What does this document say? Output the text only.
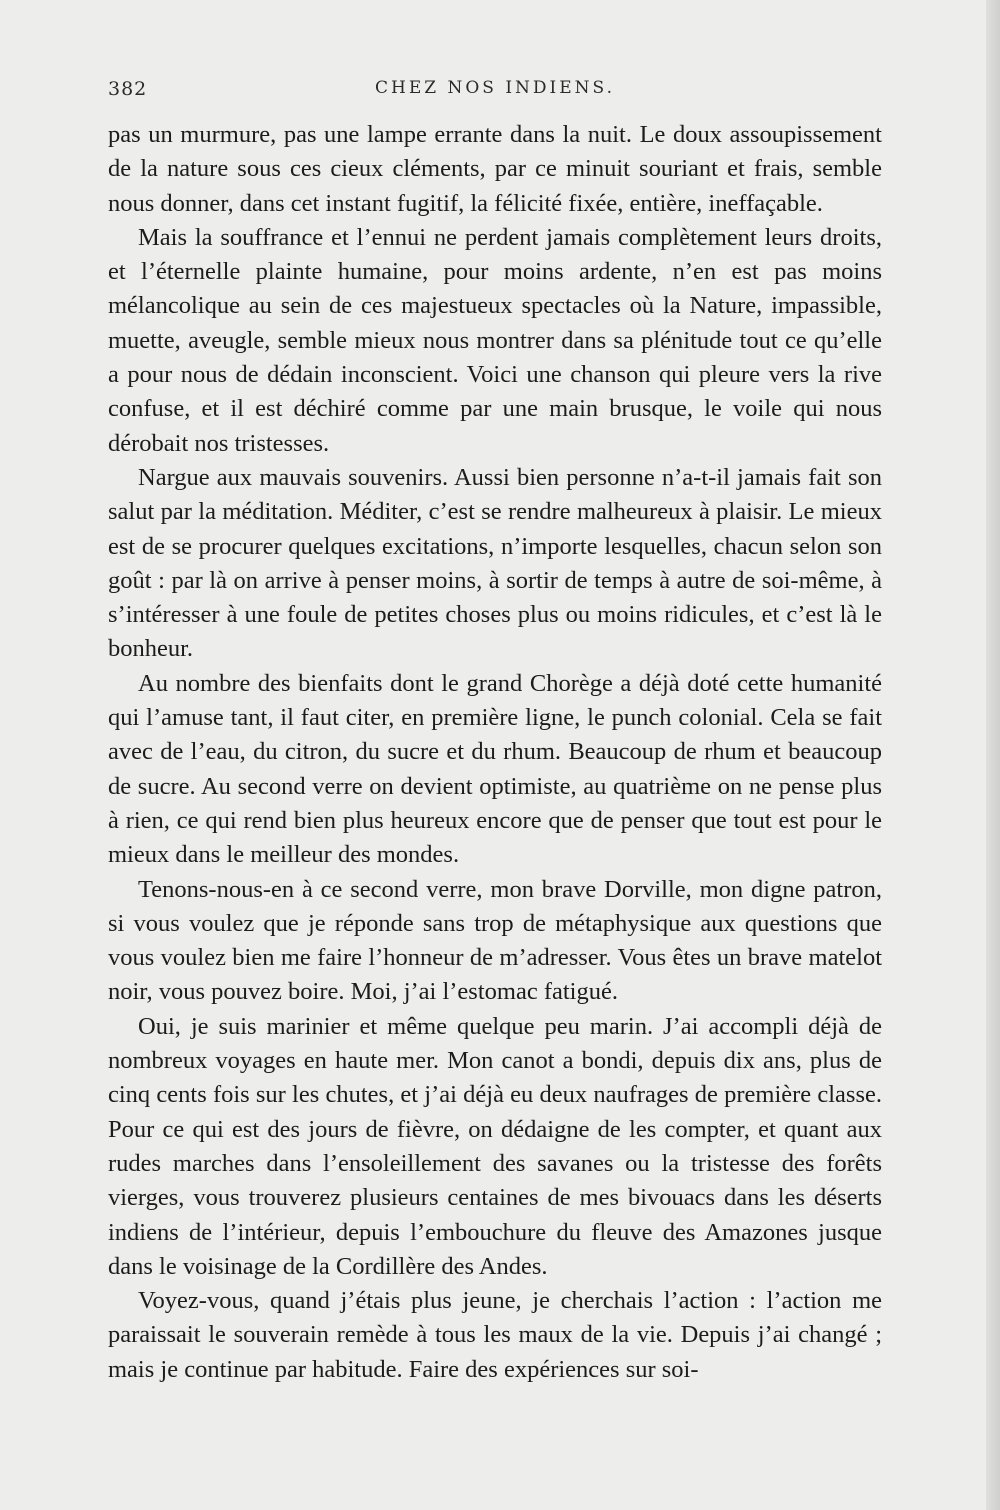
382	CHEZ NOS INDIENS.

pas un murmure, pas une lampe errante dans la nuit. Le doux assoupissement de la nature sous ces cieux cléments, par ce minuit souriant et frais, semble nous donner, dans cet instant fugitif, la félicité fixée, entière, ineffaçable.

Mais la souffrance et l’ennui ne perdent jamais complètement leurs droits, et l’éternelle plainte humaine, pour moins ardente, n’en est pas moins mélancolique au sein de ces majestueux spectacles où la Nature, impassible, muette, aveugle, semble mieux nous montrer dans sa plénitude tout ce qu’elle a pour nous de dédain inconscient. Voici une chanson qui pleure vers la rive confuse, et il est déchiré comme par une main brusque, le voile qui nous dérobait nos tristesses.

Nargue aux mauvais souvenirs. Aussi bien personne n’a-t-il jamais fait son salut par la méditation. Méditer, c’est se rendre malheureux à plaisir. Le mieux est de se procurer quelques excitations, n’importe lesquelles, chacun selon son goût : par là on arrive à penser moins, à sortir de temps à autre de soi-même, à s’intéresser à une foule de petites choses plus ou moins ridicules, et c’est là le bonheur.

Au nombre des bienfaits dont le grand Chorège a déjà doté cette humanité qui l’amuse tant, il faut citer, en première ligne, le punch colonial. Cela se fait avec de l’eau, du citron, du sucre et du rhum. Beaucoup de rhum et beaucoup de sucre. Au second verre on devient optimiste, au quatrième on ne pense plus à rien, ce qui rend bien plus heureux encore que de penser que tout est pour le mieux dans le meilleur des mondes.

Tenons-nous-en à ce second verre, mon brave Dorville, mon digne patron, si vous voulez que je réponde sans trop de métaphysique aux questions que vous voulez bien me faire l’honneur de m’adresser. Vous êtes un brave matelot noir, vous pouvez boire. Moi, j’ai l’estomac fatigué.

Oui, je suis marinier et même quelque peu marin. J’ai accompli déjà de nombreux voyages en haute mer. Mon canot a bondi, depuis dix ans, plus de cinq cents fois sur les chutes, et j’ai déjà eu deux naufrages de première classe. Pour ce qui est des jours de fièvre, on dédaigne de les compter, et quant aux rudes marches dans l’ensoleillement des savanes ou la tristesse des forêts vierges, vous trouverez plusieurs centaines de mes bivouacs dans les déserts indiens de l’intérieur, depuis l’embouchure du fleuve des Amazones jusque dans le voisinage de la Cordillère des Andes.

Voyez-vous, quand j’étais plus jeune, je cherchais l’action : l’action me paraissait le souverain remède à tous les maux de la vie. Depuis j’ai changé ; mais je continue par habitude. Faire des expériences sur soi-
